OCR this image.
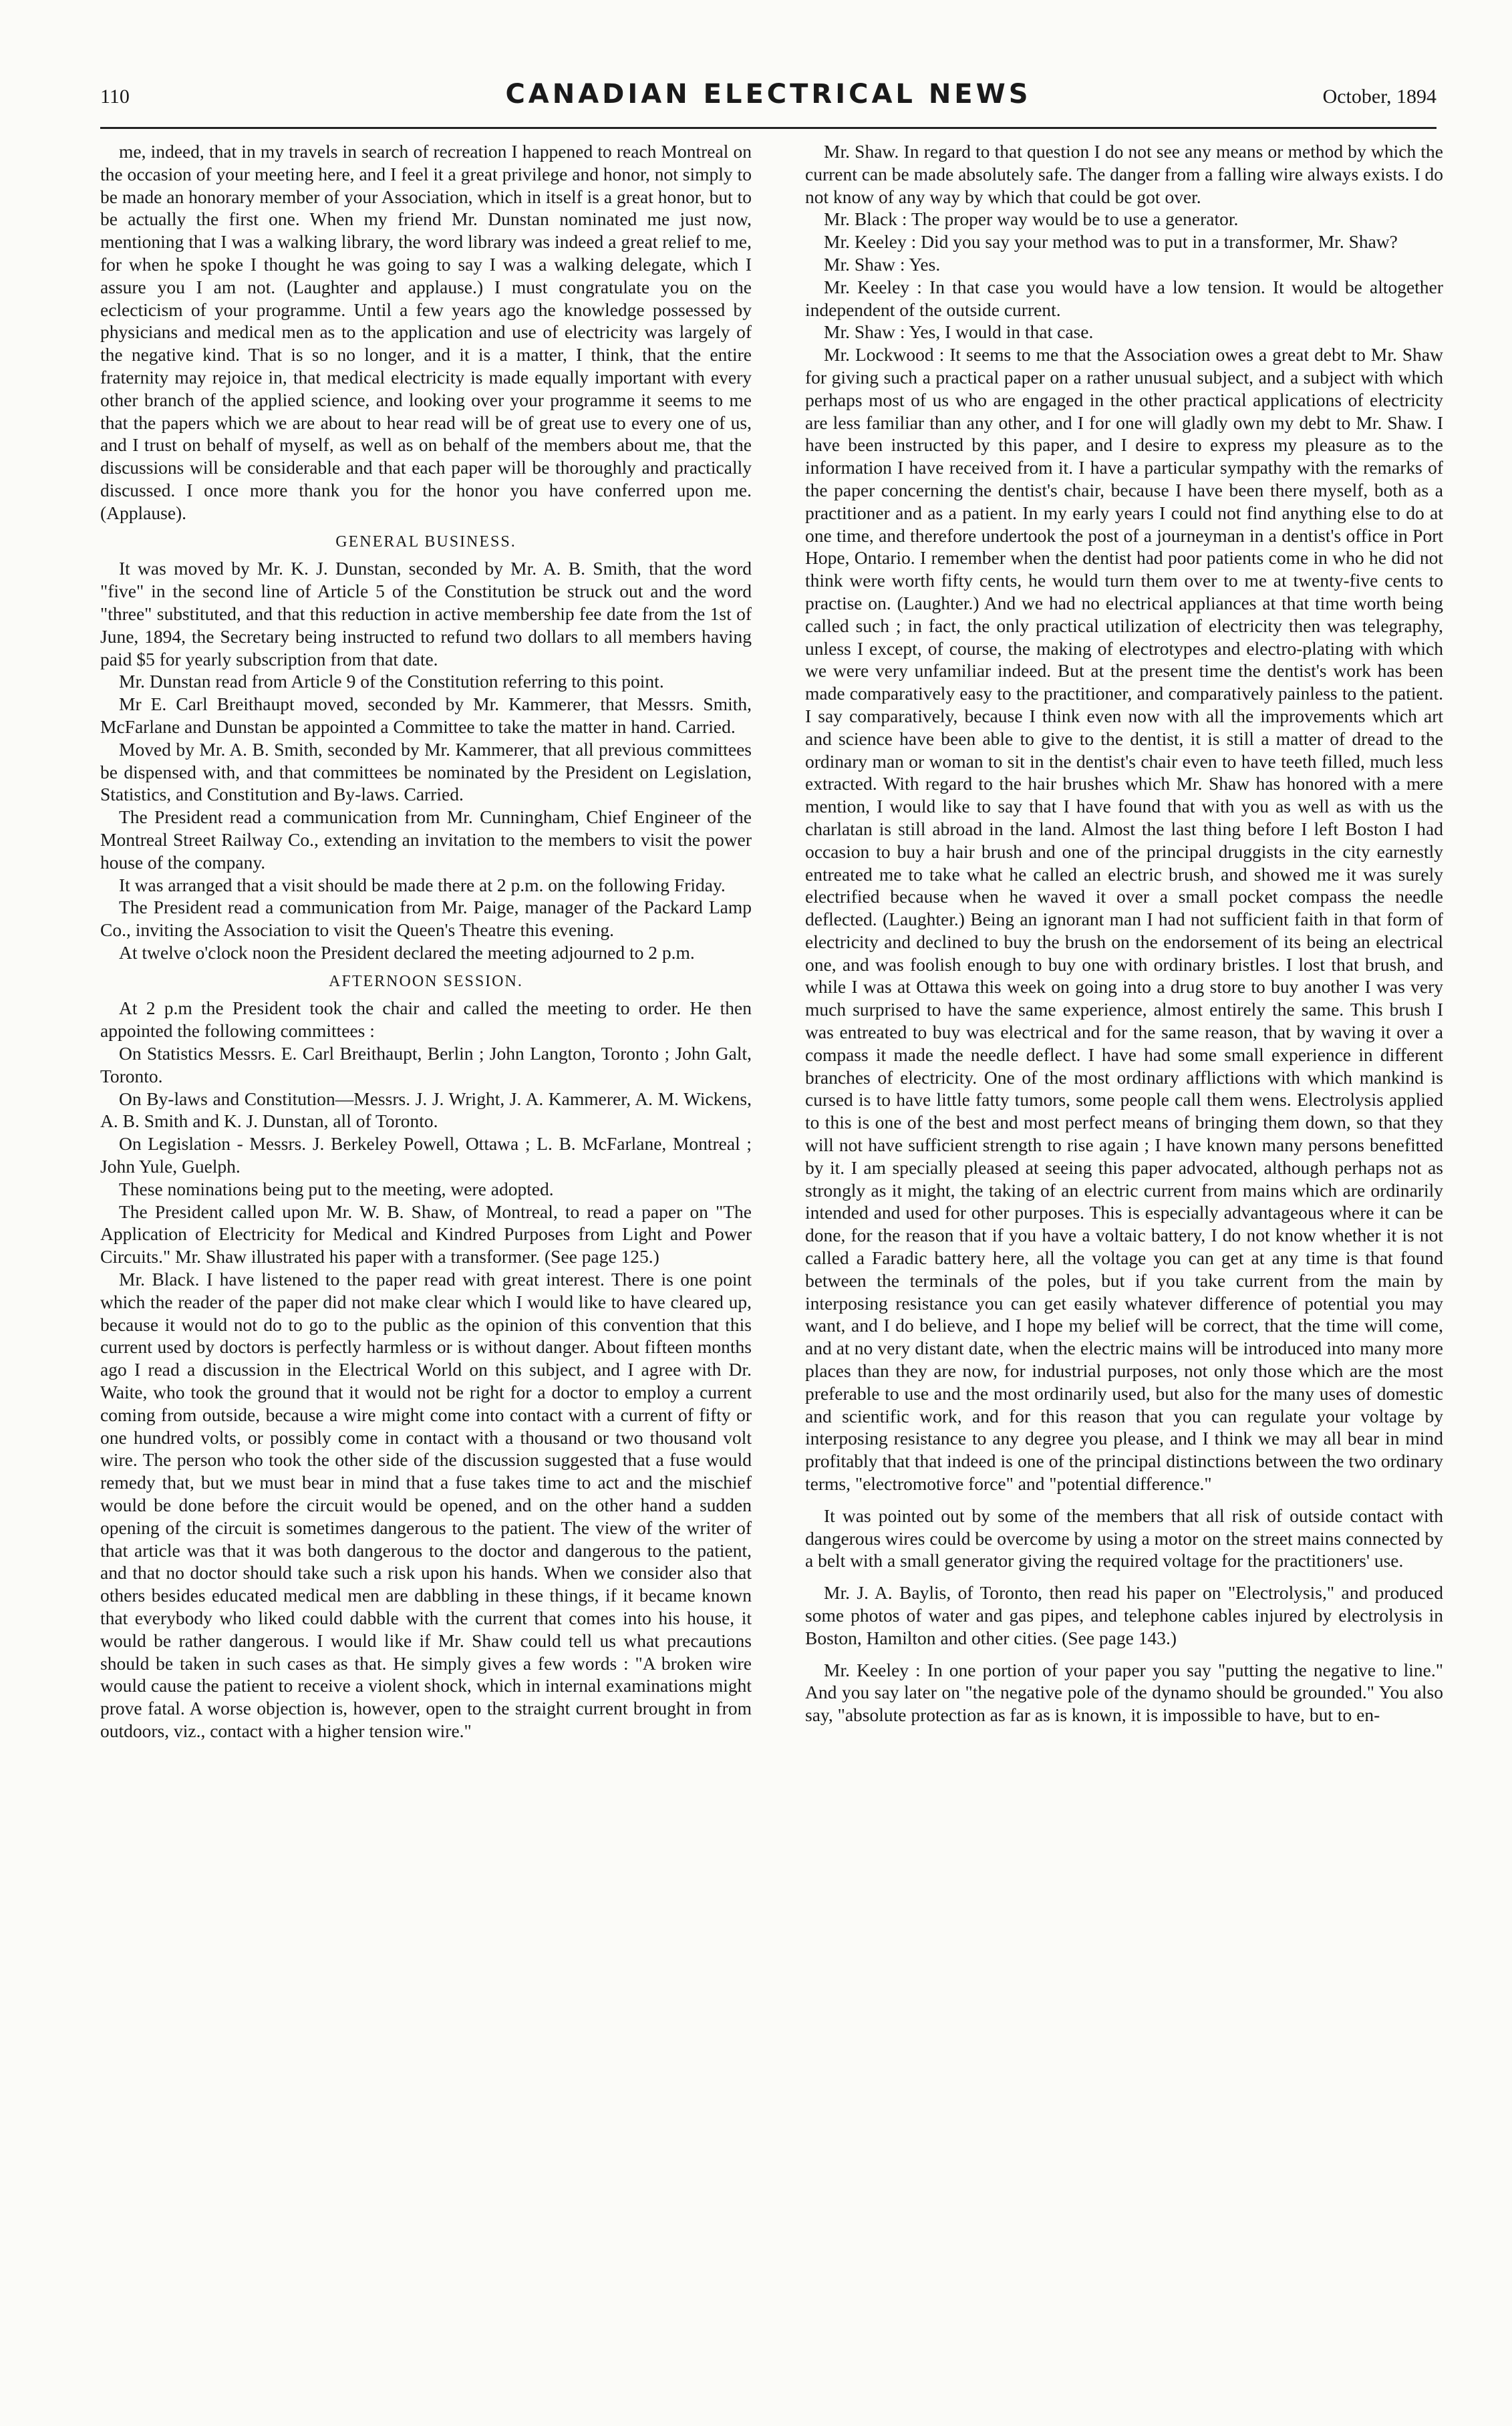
110	CANADIAN ELECTRICAL NEWS	October, 1894

me, indeed, that in my travels in search of recreation I happened to reach Montreal on the occasion of your meeting here, and I feel it a great privilege and honor, not simply to be made an honorary member of your Association, which in itself is a great honor, but to be actually the first one. When my friend Mr. Dunstan nominated me just now, mentioning that I was a walking library, the word library was indeed a great relief to me, for when he spoke I thought he was going to say I was a walking delegate, which I assure you I am not. (Laughter and applause.) I must congratulate you on the eclecticism of your programme. Until a few years ago the knowledge possessed by physicians and medical men as to the application and use of electricity was largely of the negative kind. That is so no longer, and it is a matter, I think, that the entire fraternity may rejoice in, that medical electricity is made equally important with every other branch of the applied science, and looking over your programme it seems to me that the papers which we are about to hear read will be of great use to every one of us, and I trust on behalf of myself, as well as on behalf of the members about me, that the discussions will be considerable and that each paper will be thoroughly and practically discussed. I once more thank you for the honor you have conferred upon me. (Applause).

GENERAL BUSINESS.

It was moved by Mr. K. J. Dunstan, seconded by Mr. A. B. Smith, that the word "five" in the second line of Article 5 of the Constitution be struck out and the word "three" substituted, and that this reduction in active membership fee date from the 1st of June, 1894, the Secretary being instructed to refund two dollars to all members having paid $5 for yearly subscription from that date.

Mr. Dunstan read from Article 9 of the Constitution referring to this point.

Mr E. Carl Breithaupt moved, seconded by Mr. Kammerer, that Messrs. Smith, McFarlane and Dunstan be appointed a Committee to take the matter in hand. Carried.

Moved by Mr. A. B. Smith, seconded by Mr. Kammerer, that all previous committees be dispensed with, and that committees be nominated by the President on Legislation, Statistics, and Constitution and By-laws. Carried.

The President read a communication from Mr. Cunningham, Chief Engineer of the Montreal Street Railway Co., extending an invitation to the members to visit the power house of the company.

It was arranged that a visit should be made there at 2 p.m. on the following Friday.

The President read a communication from Mr. Paige, manager of the Packard Lamp Co., inviting the Association to visit the Queen's Theatre this evening.

At twelve o'clock noon the President declared the meeting adjourned to 2 p.m.

AFTERNOON SESSION.

At 2 p.m the President took the chair and called the meeting to order. He then appointed the following committees :

On Statistics Messrs. E. Carl Breithaupt, Berlin ; John Langton, Toronto ; John Galt, Toronto.

On By-laws and Constitution—Messrs. J. J. Wright, J. A. Kammerer, A. M. Wickens, A. B. Smith and K. J. Dunstan, all of Toronto.

On Legislation - Messrs. J. Berkeley Powell, Ottawa ; L. B. McFarlane, Montreal ; John Yule, Guelph.

These nominations being put to the meeting, were adopted.

The President called upon Mr. W. B. Shaw, of Montreal, to read a paper on "The Application of Electricity for Medical and Kindred Purposes from Light and Power Circuits." Mr. Shaw illustrated his paper with a transformer. (See page 125.)

Mr. Black. I have listened to the paper read with great interest. There is one point which the reader of the paper did not make clear which I would like to have cleared up, because it would not do to go to the public as the opinion of this convention that this current used by doctors is perfectly harmless or is without danger. About fifteen months ago I read a discussion in the Electrical World on this subject, and I agree with Dr. Waite, who took the ground that it would not be right for a doctor to employ a current coming from outside, because a wire might come into contact with a current of fifty or one hundred volts, or possibly come in contact with a thousand or two thousand volt wire. The person who took the other side of the discussion suggested that a fuse would remedy that, but we must bear in mind that a fuse takes time to act and the mischief would be done before the circuit would be opened, and on the other hand a sudden opening of the circuit is sometimes dangerous to the patient. The view of the writer of that article was that it was both dangerous to the doctor and dangerous to the patient, and that no doctor should take such a risk upon his hands. When we consider also that others besides educated medical men are dabbling in these things, if it became known that everybody who liked could dabble with the current that comes into his house, it would be rather dangerous. I would like if Mr. Shaw could tell us what precautions should be taken in such cases as that. He simply gives a few words : "A broken wire would cause the patient to receive a violent shock, which in internal examinations might prove fatal. A worse objection is, however, open to the straight current brought in from outdoors, viz., contact with a higher tension wire."

Mr. Shaw. In regard to that question I do not see any means or method by which the current can be made absolutely safe. The danger from a falling wire always exists. I do not know of any way by which that could be got over.

Mr. Black : The proper way would be to use a generator.

Mr. Keeley : Did you say your method was to put in a transformer, Mr. Shaw?

Mr. Shaw : Yes.

Mr. Keeley : In that case you would have a low tension. It would be altogether independent of the outside current.

Mr. Shaw : Yes, I would in that case.

Mr. Lockwood : It seems to me that the Association owes a great debt to Mr. Shaw for giving such a practical paper on a rather unusual subject, and a subject with which perhaps most of us who are engaged in the other practical applications of electricity are less familiar than any other, and I for one will gladly own my debt to Mr. Shaw. I have been instructed by this paper, and I desire to express my pleasure as to the information I have received from it. I have a particular sympathy with the remarks of the paper concerning the dentist's chair, because I have been there myself, both as a practitioner and as a patient. In my early years I could not find anything else to do at one time, and therefore undertook the post of a journeyman in a dentist's office in Port Hope, Ontario. I remember when the dentist had poor patients come in who he did not think were worth fifty cents, he would turn them over to me at twenty-five cents to practise on. (Laughter.) And we had no electrical appliances at that time worth being called such ; in fact, the only practical utilization of electricity then was telegraphy, unless I except, of course, the making of electrotypes and electro-plating with which we were very unfamiliar indeed. But at the present time the dentist's work has been made comparatively easy to the practitioner, and comparatively painless to the patient. I say comparatively, because I think even now with all the improvements which art and science have been able to give to the dentist, it is still a matter of dread to the ordinary man or woman to sit in the dentist's chair even to have teeth filled, much less extracted. With regard to the hair brushes which Mr. Shaw has honored with a mere mention, I would like to say that I have found that with you as well as with us the charlatan is still abroad in the land. Almost the last thing before I left Boston I had occasion to buy a hair brush and one of the principal druggists in the city earnestly entreated me to take what he called an electric brush, and showed me it was surely electrified because when he waved it over a small pocket compass the needle deflected. (Laughter.) Being an ignorant man I had not sufficient faith in that form of electricity and declined to buy the brush on the endorsement of its being an electrical one, and was foolish enough to buy one with ordinary bristles. I lost that brush, and while I was at Ottawa this week on going into a drug store to buy another I was very much surprised to have the same experience, almost entirely the same. This brush I was entreated to buy was electrical and for the same reason, that by waving it over a compass it made the needle deflect. I have had some small experience in different branches of electricity. One of the most ordinary afflictions with which mankind is cursed is to have little fatty tumors, some people call them wens. Electrolysis applied to this is one of the best and most perfect means of bringing them down, so that they will not have sufficient strength to rise again ; I have known many persons benefitted by it. I am specially pleased at seeing this paper advocated, although perhaps not as strongly as it might, the taking of an electric current from mains which are ordinarily intended and used for other purposes. This is especially advantageous where it can be done, for the reason that if you have a voltaic battery, I do not know whether it is not called a Faradic battery here, all the voltage you can get at any time is that found between the terminals of the poles, but if you take current from the main by interposing resistance you can get easily whatever difference of potential you may want, and I do believe, and I hope my belief will be correct, that the time will come, and at no very distant date, when the electric mains will be introduced into many more places than they are now, for industrial purposes, not only those which are the most preferable to use and the most ordinarily used, but also for the many uses of domestic and scientific work, and for this reason that you can regulate your voltage by interposing resistance to any degree you please, and I think we may all bear in mind profitably that that indeed is one of the principal distinctions between the two ordinary terms, "electromotive force" and "potential difference."

It was pointed out by some of the members that all risk of outside contact with dangerous wires could be overcome by using a motor on the street mains connected by a belt with a small generator giving the required voltage for the practitioners' use.

Mr. J. A. Baylis, of Toronto, then read his paper on "Electrolysis," and produced some photos of water and gas pipes, and telephone cables injured by electrolysis in Boston, Hamilton and other cities. (See page 143.)

Mr. Keeley : In one portion of your paper you say "putting the negative to line." And you say later on "the negative pole of the dynamo should be grounded." You also say, "absolute protection as far as is known, it is impossible to have, but to en-
